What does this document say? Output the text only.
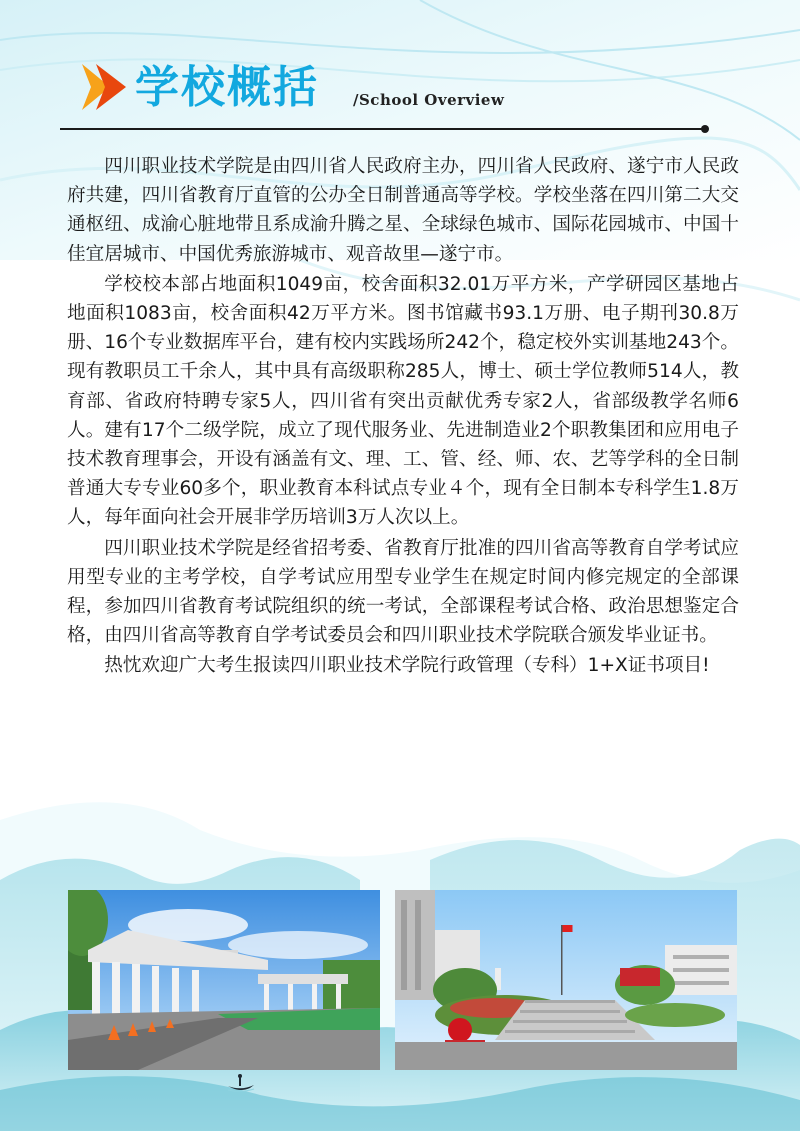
学校概括 /School Overview

四川职业技术学院是由四川省人民政府主办，四川省人民政府、遂宁市人民政府共建，四川省教育厅直管的公办全日制普通高等学校。学校坐落在四川第二大交通枢纽、成渝心脏地带且系成渝升腾之星、全球绿色城市、国际花园城市、中国十佳宜居城市、中国优秀旅游城市、观音故里—遂宁市。

学校校本部占地面积1049亩，校舍面积32.01万平方米，产学研园区基地占地面积1083亩，校舍面积42万平方米。图书馆藏书93.1万册、电子期刊30.8万册、16个专业数据库平台，建有校内实践场所242个，稳定校外实训基地243个。现有教职员工千余人，其中具有高级职称285人，博士、硕士学位教师514人，教育部、省政府特聘专家5人，四川省有突出贡献优秀专家2人，省部级教学名师6人。建有17个二级学院，成立了现代服务业、先进制造业2个职教集团和应用电子技术教育理事会，开设有涵盖有文、理、工、管、经、师、农、艺等学科的全日制普通大专专业60多个，职业教育本科试点专业４个，现有全日制本专科学生1.8万人，每年面向社会开展非学历培训3万人次以上。

四川职业技术学院是经省招考委、省教育厅批准的四川省高等教育自学考试应用型专业的主考学校，自学考试应用型专业学生在规定时间内修完规定的全部课程，参加四川省教育考试院组织的统一考试，全部课程考试合格、政治思想鉴定合格，由四川省高等教育自学考试委员会和四川职业技术学院联合颁发毕业证书。

热忱欢迎广大考生报读四川职业技术学院行政管理（专科）1+X证书项目!
